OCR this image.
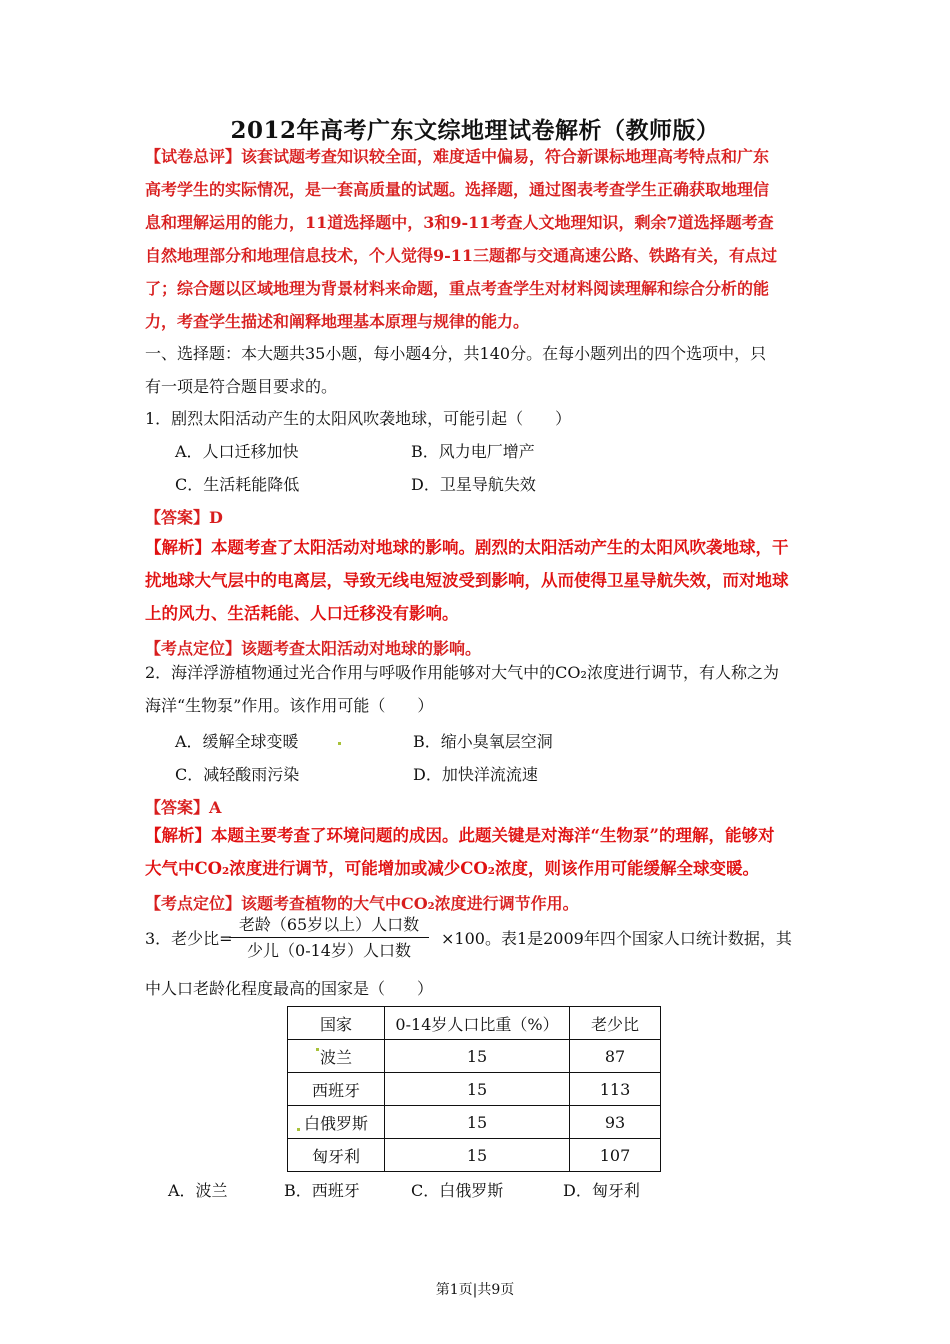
2012年高考广东文综地理试卷解析（教师版）
【试卷总评】该套试题考查知识较全面，难度适中偏易，符合新课标地理高考特点和广东
高考学生的实际情况，是一套高质量的试题。选择题，通过图表考查学生正确获取地理信
息和理解运用的能力，11道选择题中，3和9-11考查人文地理知识，剩余7道选择题考查
自然地理部分和地理信息技术，个人觉得9-11三题都与交通高速公路、铁路有关，有点过
了；综合题以区域地理为背景材料来命题，重点考查学生对材料阅读理解和综合分析的能
力，考查学生描述和阐释地理基本原理与规律的能力。
一、选择题：本大题共35小题，每小题4分，共140分。在每小题列出的四个选项中，只
有一项是符合题目要求的。
1．剧烈太阳活动产生的太阳风吹袭地球，可能引起（　　）
A．人口迁移加快	B．风力电厂增产
C．生活耗能降低	D．卫星导航失效
【答案】D
【解析】本题考查了太阳活动对地球的影响。剧烈的太阳活动产生的太阳风吹袭地球，干
扰地球大气层中的电离层，导致无线电短波受到影响，从而使得卫星导航失效，而对地球
上的风力、生活耗能、人口迁移没有影响。
【考点定位】该题考查太阳活动对地球的影响。
2．海洋浮游植物通过光合作用与呼吸作用能够对大气中的CO₂浓度进行调节，有人称之为
海洋“生物泵”作用。该作用可能（　　）
A．缓解全球变暖	B．缩小臭氧层空洞
C．减轻酸雨污染	D．加快洋流流速
【答案】A
【解析】本题主要考查了环境问题的成因。此题关键是对海洋“生物泵”的理解，能够对
大气中CO₂浓度进行调节，可能增加或减少CO₂浓度，则该作用可能缓解全球变暖。
【考点定位】该题考查植物的大气中CO₂浓度进行调节作用。
3．老少比=
老龄（65岁以上）人口数
少儿（0-14岁）人口数
×100。表1是2009年四个国家人口统计数据，其
中人口老龄化程度最高的国家是（　　）
国家	0-14岁人口比重（%）	老少比
波兰	15	87
西班牙	15	113
白俄罗斯	15	93
匈牙利	15	107
A．波兰	B．西班牙	C．白俄罗斯	D．匈牙利
第1页|共9页
